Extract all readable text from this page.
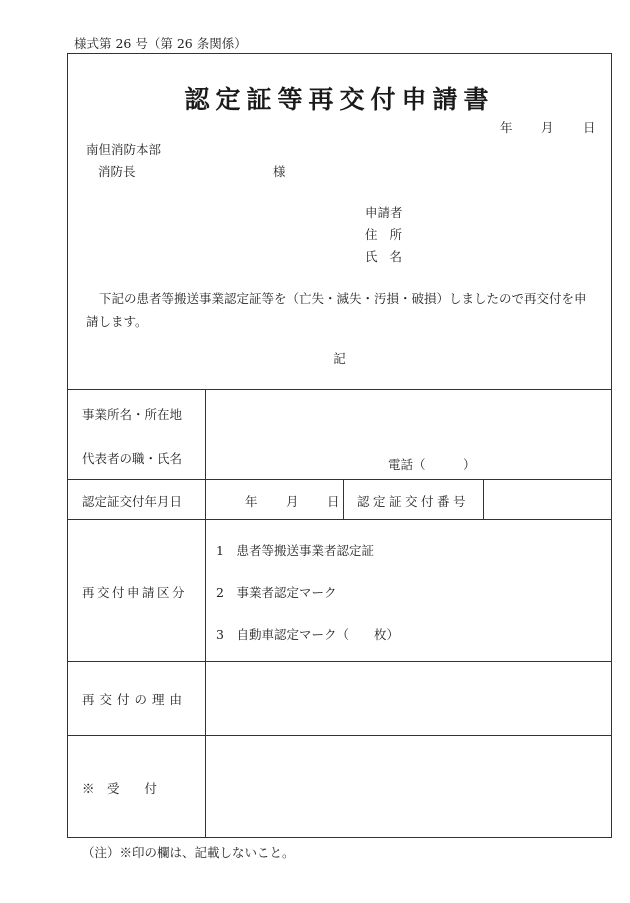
様式第 26 号（第 26 条関係）
認定証等再交付申請書
年 月 日
南但消防本部
消防長	様
申請者
住 所
氏 名
下記の患者等搬送事業認定証等を（亡失・滅失・汚損・破損）しましたので再交付を申請します。
記
事業所名・所在地
代表者の職・氏名	電話（　　　）
認定証交付年月日	年 月 日 認定証交付番号
再交付申請区分
1　患者等搬送事業者認定証
2　事業者認定マーク
3　自動車認定マーク（　　枚）
再交付の理由
※　受　　付
（注）※印の欄は、記載しないこと。
